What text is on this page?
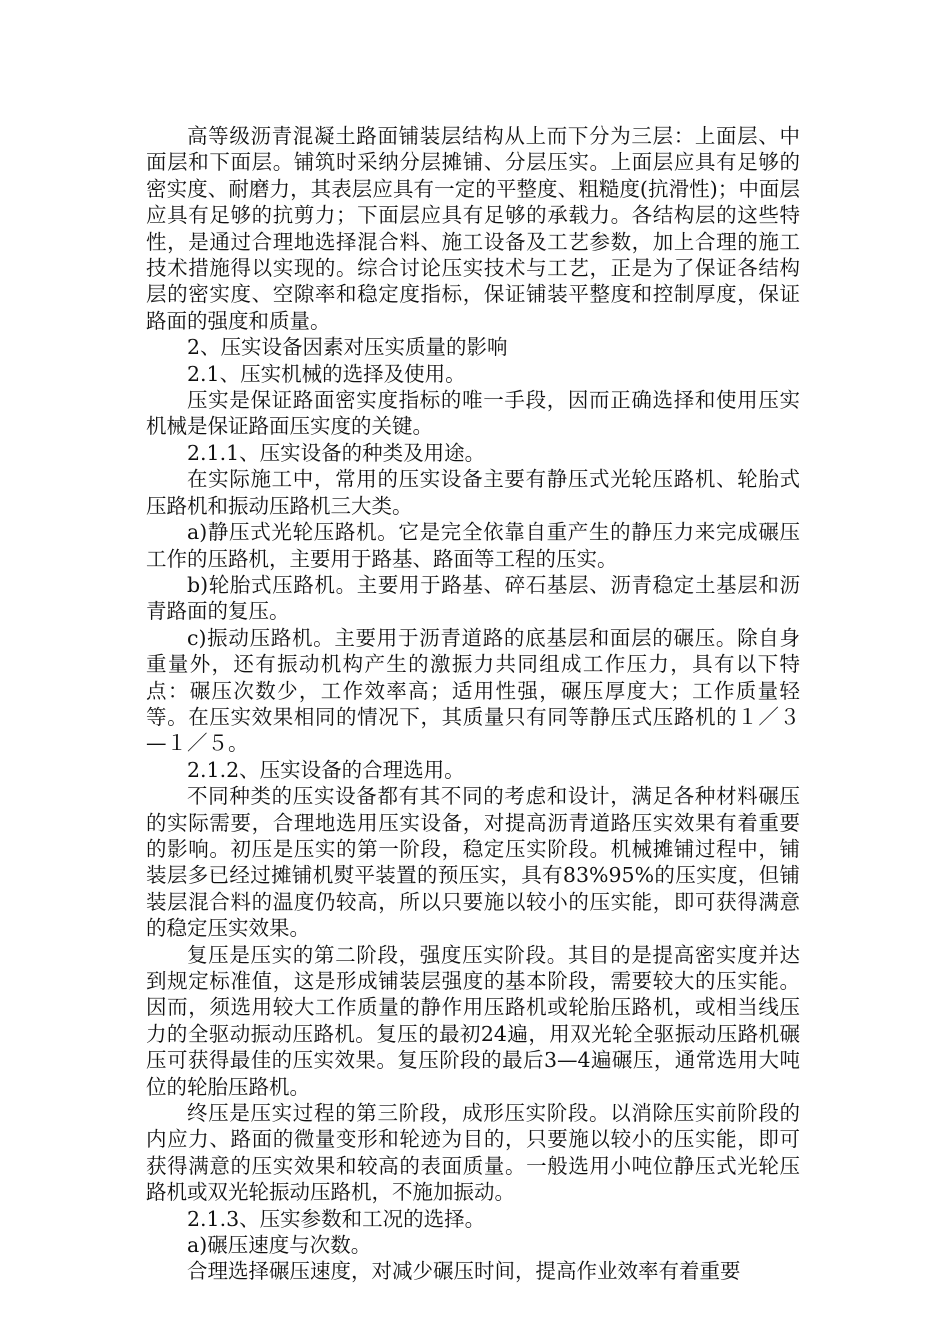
高等级沥青混凝土路面铺装层结构从上而下分为三层：上面层、中面层和下面层。铺筑时采纳分层摊铺、分层压实。上面层应具有足够的密实度、耐磨力，其表层应具有一定的平整度、粗糙度(抗滑性)；中面层应具有足够的抗剪力；下面层应具有足够的承载力。各结构层的这些特性，是通过合理地选择混合料、施工设备及工艺参数，加上合理的施工技术措施得以实现的。综合讨论压实技术与工艺，正是为了保证各结构层的密实度、空隙率和稳定度指标，保证铺装平整度和控制厚度，保证路面的强度和质量。

2、压实设备因素对压实质量的影响

2.1、压实机械的选择及使用。

压实是保证路面密实度指标的唯一手段，因而正确选择和使用压实机械是保证路面压实度的关键。

2.1.1、压实设备的种类及用途。

在实际施工中，常用的压实设备主要有静压式光轮压路机、轮胎式压路机和振动压路机三大类。

a)静压式光轮压路机。它是完全依靠自重产生的静压力来完成碾压工作的压路机，主要用于路基、路面等工程的压实。

b)轮胎式压路机。主要用于路基、碎石基层、沥青稳定土基层和沥青路面的复压。

c)振动压路机。主要用于沥青道路的底基层和面层的碾压。除自身重量外，还有振动机构产生的激振力共同组成工作压力，具有以下特点：碾压次数少，工作效率高；适用性强，碾压厚度大；工作质量轻等。在压实效果相同的情况下，其质量只有同等静压式压路机的１／３—１／５。

2.1.2、压实设备的合理选用。

不同种类的压实设备都有其不同的考虑和设计，满足各种材料碾压的实际需要，合理地选用压实设备，对提高沥青道路压实效果有着重要的影响。初压是压实的第一阶段，稳定压实阶段。机械摊铺过程中，铺装层多已经过摊铺机熨平装置的预压实，具有83%95%的压实度，但铺装层混合料的温度仍较高，所以只要施以较小的压实能，即可获得满意的稳定压实效果。

复压是压实的第二阶段，强度压实阶段。其目的是提高密实度并达到规定标准值，这是形成铺装层强度的基本阶段，需要较大的压实能。因而，须选用较大工作质量的静作用压路机或轮胎压路机，或相当线压力的全驱动振动压路机。复压的最初24遍，用双光轮全驱振动压路机碾压可获得最佳的压实效果。复压阶段的最后3—4遍碾压，通常选用大吨位的轮胎压路机。

终压是压实过程的第三阶段，成形压实阶段。以消除压实前阶段的内应力、路面的微量变形和轮迹为目的，只要施以较小的压实能，即可获得满意的压实效果和较高的表面质量。一般选用小吨位静压式光轮压路机或双光轮振动压路机，不施加振动。

2.1.3、压实参数和工况的选择。

a)碾压速度与次数。

合理选择碾压速度，对减少碾压时间，提高作业效率有着重要
